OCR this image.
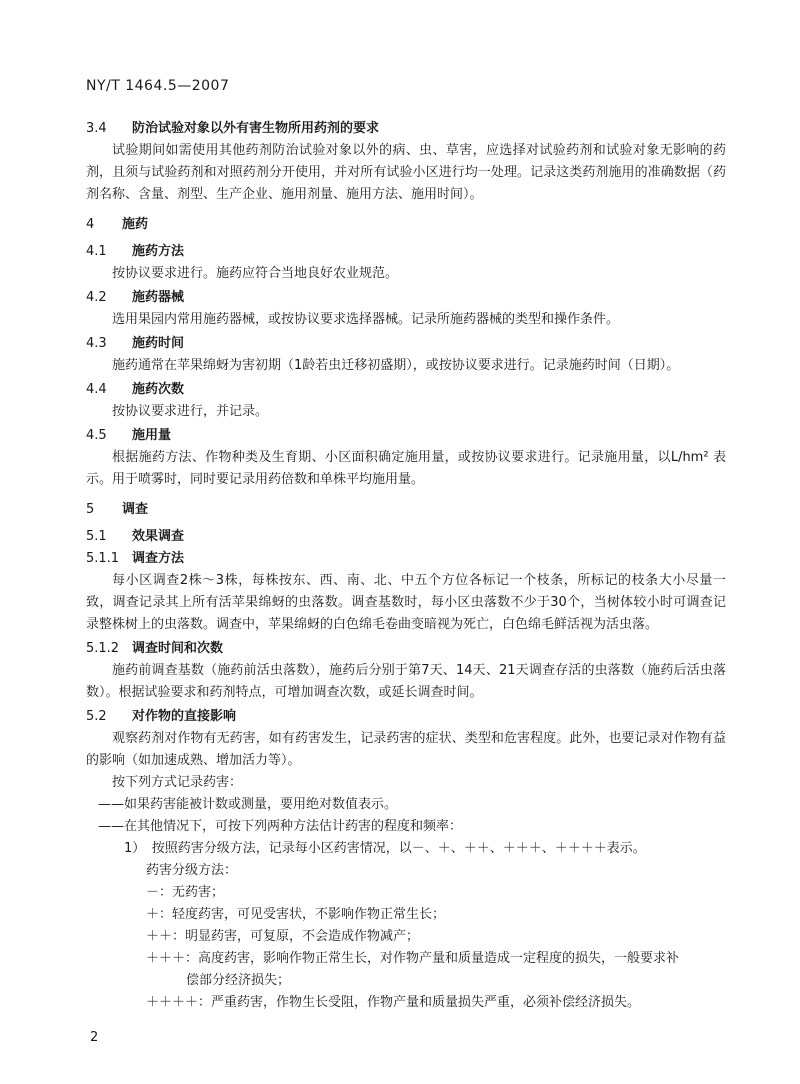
NY/T 1464.5—2007

3.4 防治试验对象以外有害生物所用药剂的要求

试验期间如需使用其他药剂防治试验对象以外的病、虫、草害，应选择对试验药剂和试验对象无影响的药剂，且须与试验药剂和对照药剂分开使用，并对所有试验小区进行均一处理。记录这类药剂施用的准确数据（药剂名称、含量、剂型、生产企业、施用剂量、施用方法、施用时间）。

4 施药

4.1 施药方法

按协议要求进行。施药应符合当地良好农业规范。

4.2 施药器械

选用果园内常用施药器械，或按协议要求选择器械。记录所施药器械的类型和操作条件。

4.3 施药时间

施药通常在苹果绵蚜为害初期（1龄若虫迁移初盛期），或按协议要求进行。记录施药时间（日期）。

4.4 施药次数

按协议要求进行，并记录。

4.5 施用量

根据施药方法、作物种类及生育期、小区面积确定施用量，或按协议要求进行。记录施用量，以L/hm² 表示。用于喷雾时，同时要记录用药倍数和单株平均施用量。

5 调查

5.1 效果调查

5.1.1 调查方法

每小区调查2株～3株，每株按东、西、南、北、中五个方位各标记一个枝条，所标记的枝条大小尽量一致，调查记录其上所有活苹果绵蚜的虫落数。调查基数时，每小区虫落数不少于30个，当树体较小时可调查记录整株树上的虫落数。调查中，苹果绵蚜的白色绵毛卷曲变暗视为死亡，白色绵毛鲜活视为活虫落。

5.1.2 调查时间和次数

施药前调查基数（施药前活虫落数），施药后分别于第7天、14天、21天调查存活的虫落数（施药后活虫落数）。根据试验要求和药剂特点，可增加调查次数，或延长调查时间。

5.2 对作物的直接影响

观察药剂对作物有无药害，如有药害发生，记录药害的症状、类型和危害程度。此外，也要记录对作物有益的影响（如加速成熟、增加活力等）。

按下列方式记录药害：

——如果药害能被计数或测量，要用绝对数值表示。

——在其他情况下，可按下列两种方法估计药害的程度和频率：

1）　按照药害分级方法，记录每小区药害情况，以－、＋、＋＋、＋＋＋、＋＋＋＋表示。

药害分级方法：

－：无药害；

＋：轻度药害，可见受害状，不影响作物正常生长；

＋＋：明显药害，可复原，不会造成作物减产；

＋＋＋：高度药害，影响作物正常生长，对作物产量和质量造成一定程度的损失，一般要求补

偿部分经济损失；

＋＋＋＋：严重药害，作物生长受阻，作物产量和质量损失严重，必须补偿经济损失。

2
